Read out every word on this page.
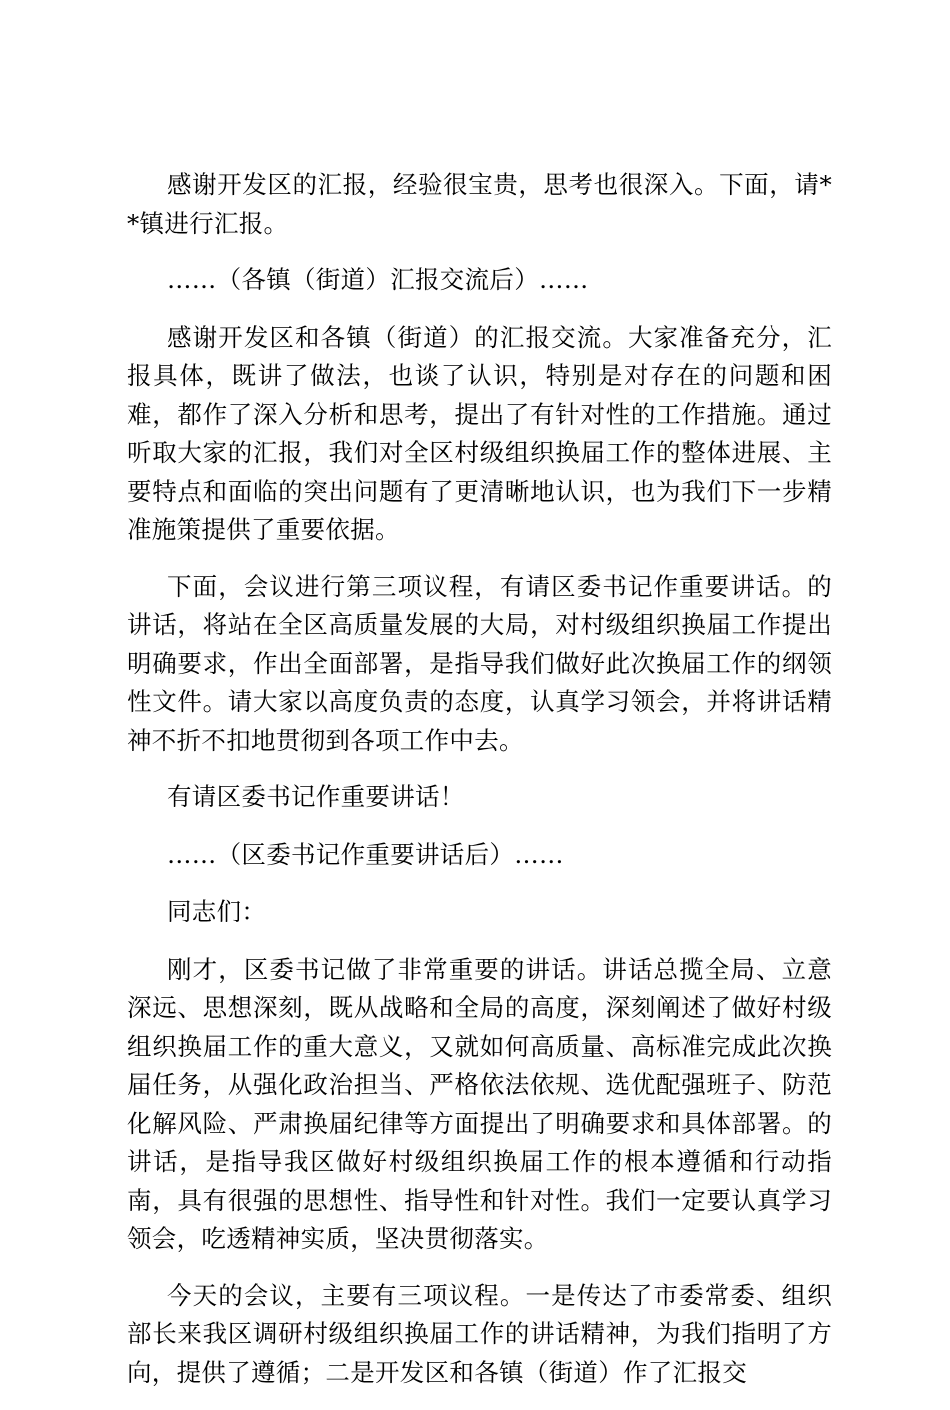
感谢开发区的汇报，经验很宝贵，思考也很深入。下面，请**镇进行汇报。

……（各镇（街道）汇报交流后）……

感谢开发区和各镇（街道）的汇报交流。大家准备充分，汇报具体，既讲了做法，也谈了认识，特别是对存在的问题和困难，都作了深入分析和思考，提出了有针对性的工作措施。通过听取大家的汇报，我们对全区村级组织换届工作的整体进展、主要特点和面临的突出问题有了更清晰地认识，也为我们下一步精准施策提供了重要依据。

下面，会议进行第三项议程，有请区委书记作重要讲话。的讲话，将站在全区高质量发展的大局，对村级组织换届工作提出明确要求，作出全面部署，是指导我们做好此次换届工作的纲领性文件。请大家以高度负责的态度，认真学习领会，并将讲话精神不折不扣地贯彻到各项工作中去。

有请区委书记作重要讲话！

……（区委书记作重要讲话后）……

同志们：

刚才，区委书记做了非常重要的讲话。讲话总揽全局、立意深远、思想深刻，既从战略和全局的高度，深刻阐述了做好村级组织换届工作的重大意义，又就如何高质量、高标准完成此次换届任务，从强化政治担当、严格依法依规、选优配强班子、防范化解风险、严肃换届纪律等方面提出了明确要求和具体部署。的讲话，是指导我区做好村级组织换届工作的根本遵循和行动指南，具有很强的思想性、指导性和针对性。我们一定要认真学习领会，吃透精神实质，坚决贯彻落实。

今天的会议，主要有三项议程。一是传达了市委常委、组织部长来我区调研村级组织换届工作的讲话精神，为我们指明了方向，提供了遵循；二是开发区和各镇（街道）作了汇报交
